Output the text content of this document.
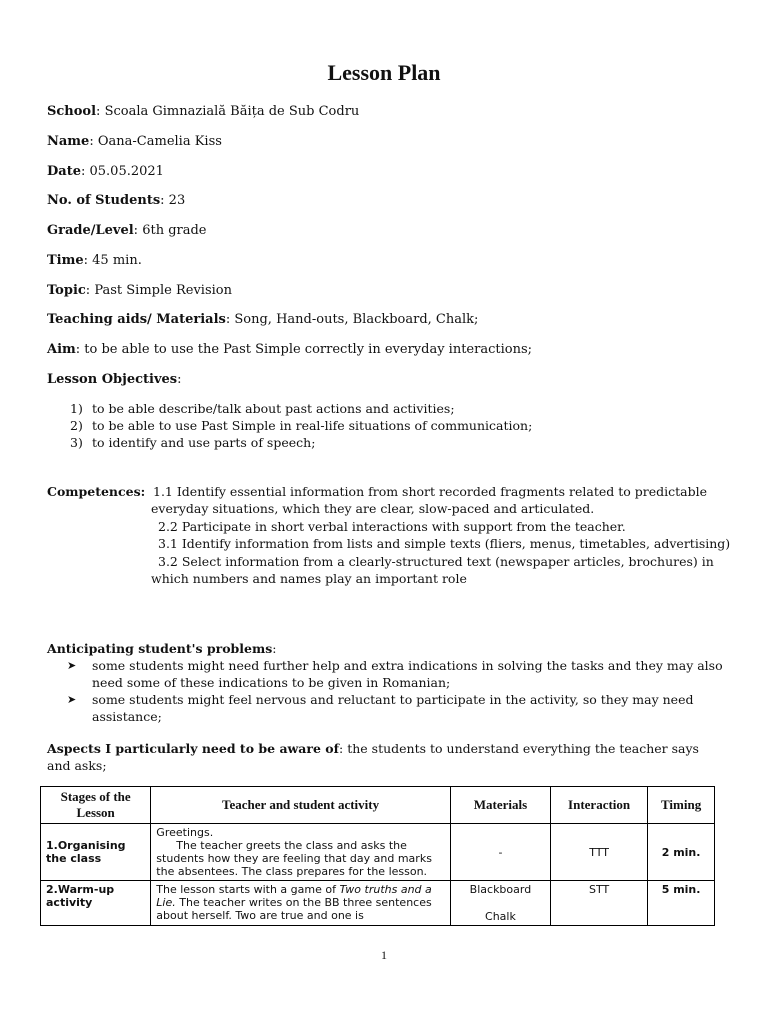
Lesson Plan
School: Scoala Gimnazială Băița de Sub Codru
Name: Oana-Camelia Kiss
Date: 05.05.2021
No. of Students: 23
Grade/Level: 6th grade
Time: 45 min.
Topic: Past Simple Revision
Teaching aids/ Materials: Song, Hand-outs, Blackboard, Chalk;
Aim: to be able to use the Past Simple correctly in everyday interactions;
Lesson Objectives:
1) to be able describe/talk about past actions and activities;
2) to be able to use Past Simple in real-life situations of communication;
3) to identify and use parts of speech;
Competences: 1.1 Identify essential information from short recorded fragments related to predictable
everyday situations, which they are clear, slow-paced and articulated.
2.2 Participate in short verbal interactions with support from the teacher.
3.1 Identify information from lists and simple texts (fliers, menus, timetables, advertising)
3.2 Select information from a clearly-structured text (newspaper articles, brochures) in
which numbers and names play an important role
Anticipating student's problems:
➤	some students might need further help and extra indications in solving the tasks and they may also need some of these indications to be given in Romanian;
➤	some students might feel nervous and reluctant to participate in the activity, so they may need assistance;
Aspects I particularly need to be aware of: the students to understand everything the teacher says and asks;
Stages of the Lesson	Teacher and student activity	Materials	Interaction	Timing
1.Organising the class	Greetings.
The teacher greets the class and asks the students how they are feeling that day and marks the absentees. The class prepares for the lesson.	-	TTT	2 min.
2.Warm-up activity	The lesson starts with a game of Two truths and a Lie. The teacher writes on the BB three sentences about herself. Two are true and one is	Blackboard
Chalk	STT	5 min.
1
